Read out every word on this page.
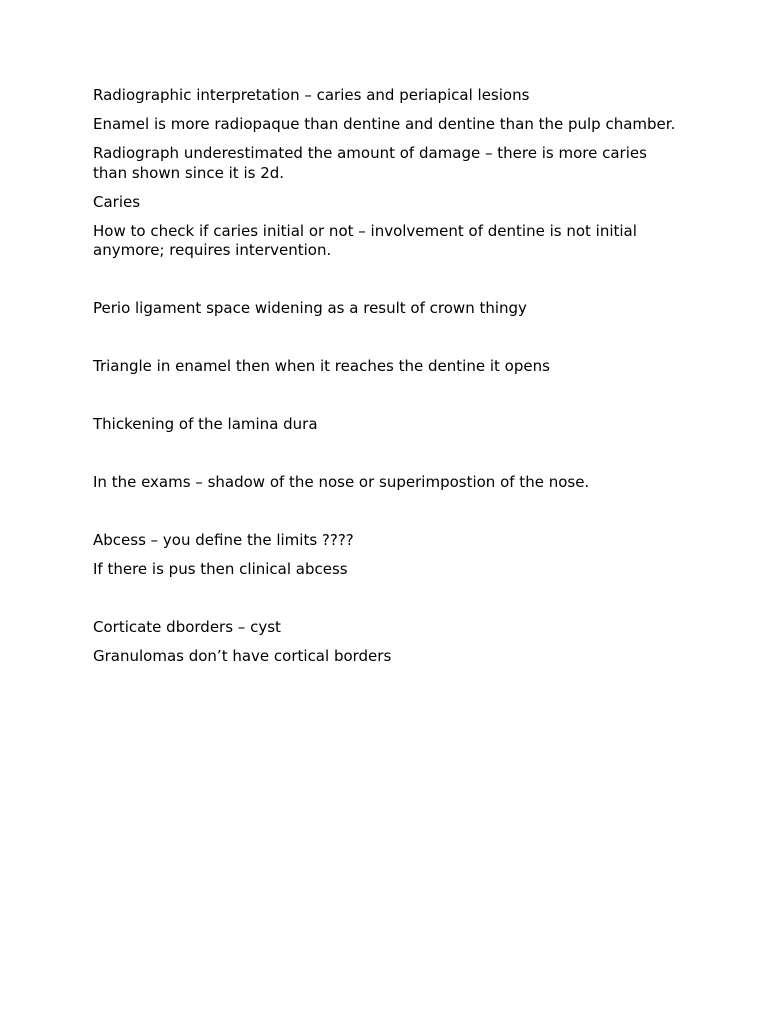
Radiographic interpretation – caries and periapical lesions

Enamel is more radiopaque than dentine and dentine than the pulp chamber.

Radiograph underestimated the amount of damage – there is more caries than shown since it is 2d.

Caries

How to check if caries initial or not – involvement of dentine is not initial anymore; requires intervention.

Perio ligament space widening as a result of crown thingy

Triangle in enamel then when it reaches the dentine it opens

Thickening of the lamina dura

In the exams – shadow of the nose or superimpostion of the nose.

Abcess – you define the limits ????

If there is pus then clinical abcess

Corticate dborders – cyst

Granulomas don’t have cortical borders
